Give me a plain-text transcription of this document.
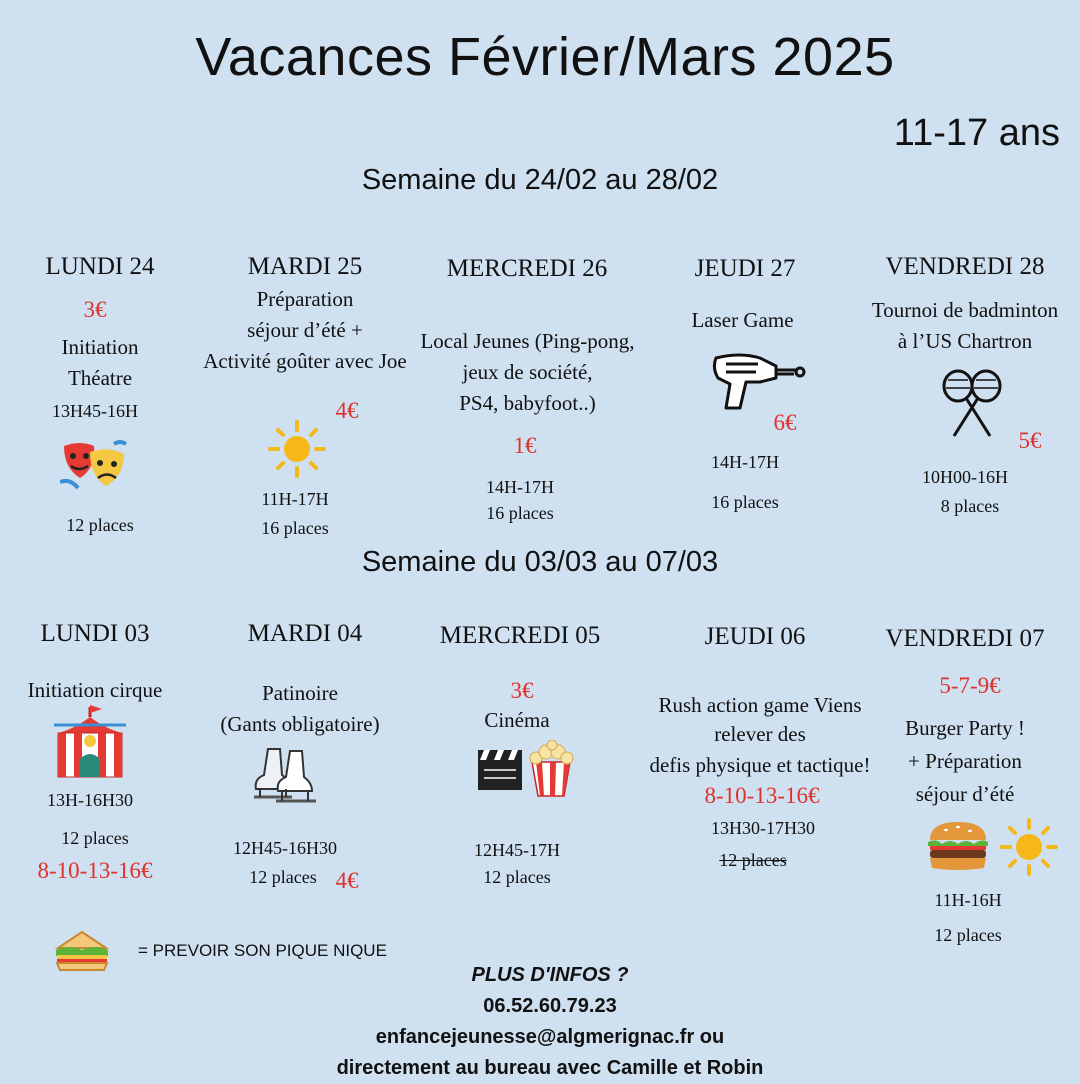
Vacances Février/Mars 2025
11-17 ans
Semaine du 24/02 au 28/02
LUNDI 24
3€
Initiation
Théatre
13H45-16H
12 places
MARDI 25
Préparation
séjour d’été +
Activité goûter avec Joe
4€
11H-17H
16 places
MERCREDI 26
Local Jeunes (Ping-pong,
jeux de société,
PS4, babyfoot..)
1€
14H-17H
16 places
JEUDI 27
Laser Game
6€
14H-17H
16 places
VENDREDI 28
Tournoi de badminton
à l’US Chartron
5€
10H00-16H
8 places
Semaine du 03/03 au 07/03
LUNDI 03
Initiation cirque
13H-16H30
12 places
8-10-13-16€
MARDI 04
Patinoire
(Gants obligatoire)
12H45-16H30
12 places 4€
MERCREDI 05
3€
Cinéma
12H45-17H
12 places
JEUDI 06
Rush action game Viens
relever des
defis physique et tactique!
8-10-13-16€
13H30-17H30
12 places
VENDREDI 07
5-7-9€
Burger Party !
+ Préparation
séjour d’été
11H-16H
12 places
= PREVOIR SON PIQUE NIQUE
PLUS D'INFOS ?
06.52.60.79.23
enfancejeunesse@algmerignac.fr ou
directement au bureau avec Camille et Robin
